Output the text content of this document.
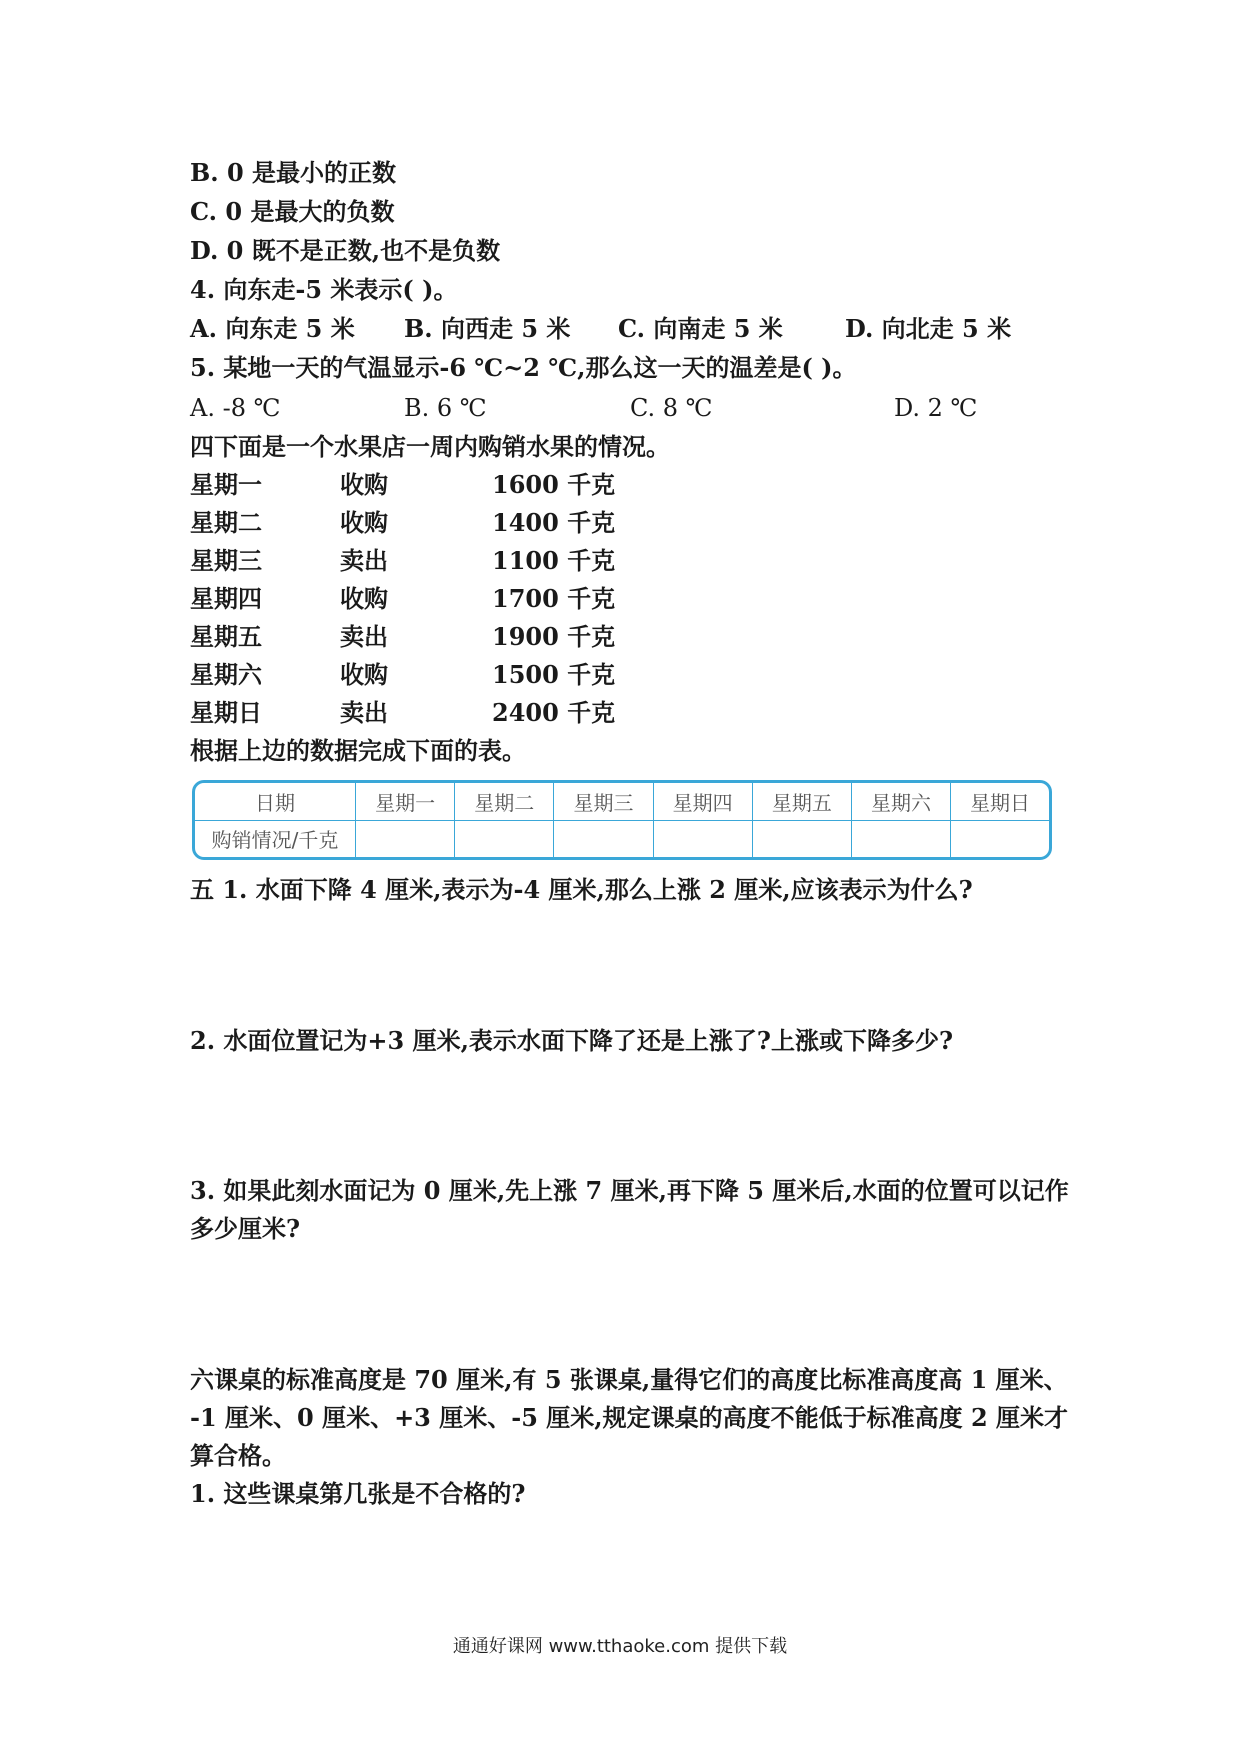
B. 0 是最小的正数
C. 0 是最大的负数
D. 0 既不是正数,也不是负数
4. 向东走-5 米表示( )。
A. 向东走 5 米 B. 向西走 5 米 C. 向南走 5 米	D. 向北走 5 米
5. 某地一天的气温显示-6 ℃~2 ℃,那么这一天的温差是( )。
A. -8 ℃	B. 6 ℃	C. 8 ℃	D. 2 ℃
四下面是一个水果店一周内购销水果的情况。
星期一	收购	1600 千克
星期二	收购	1400 千克
星期三	卖出	1100 千克
星期四	收购	1700 千克
星期五	卖出	1900 千克
星期六	收购	1500 千克
星期日	卖出	2400 千克
根据上边的数据完成下面的表。
日期	星期一	星期二	星期三	星期四	星期五	星期六	星期日
购销情况/千克							
五 1. 水面下降 4 厘米,表示为-4 厘米,那么上涨 2 厘米,应该表示为什么?
2. 水面位置记为+3 厘米,表示水面下降了还是上涨了?上涨或下降多少?
3. 如果此刻水面记为 0 厘米,先上涨 7 厘米,再下降 5 厘米后,水面的位置可以记作
多少厘米?
六课桌的标准高度是 70 厘米,有 5 张课桌,量得它们的高度比标准高度高 1 厘米、
-1 厘米、0 厘米、+3 厘米、-5 厘米,规定课桌的高度不能低于标准高度 2 厘米才
算合格。
1. 这些课桌第几张是不合格的?
通通好课网 www.tthaoke.com 提供下载
